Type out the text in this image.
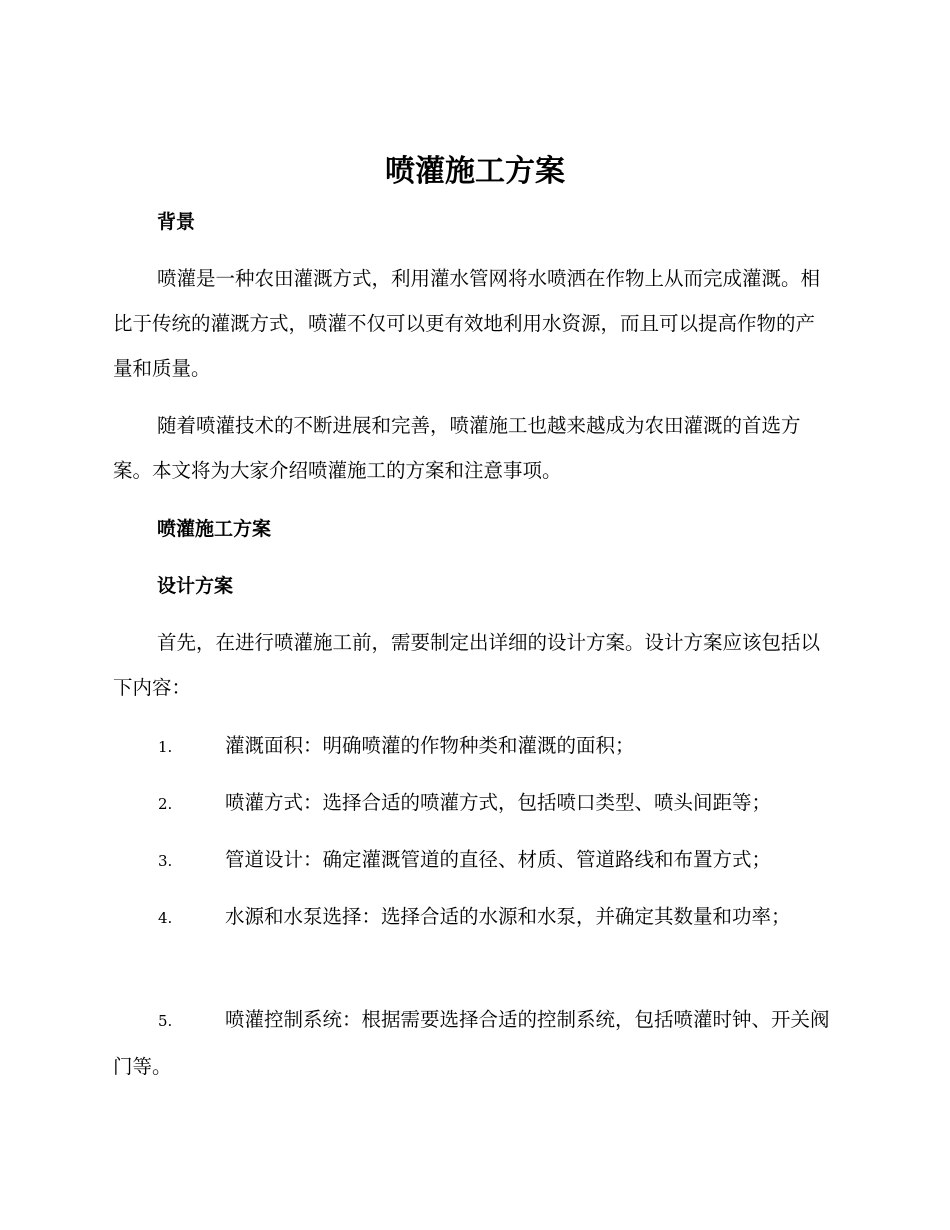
喷灌施工方案
背景

喷灌是一种农田灌溉方式，利用灌水管网将水喷洒在作物上从而完成灌溉。相比于传统的灌溉方式，喷灌不仅可以更有效地利用水资源，而且可以提高作物的产量和质量。

随着喷灌技术的不断进展和完善，喷灌施工也越来越成为农田灌溉的首选方案。本文将为大家介绍喷灌施工的方案和注意事项。

喷灌施工方案
设计方案

首先，在进行喷灌施工前，需要制定出详细的设计方案。设计方案应该包括以下内容：

1.	灌溉面积：明确喷灌的作物种类和灌溉的面积；

2.	喷灌方式：选择合适的喷灌方式，包括喷口类型、喷头间距等；

3.	管道设计：确定灌溉管道的直径、材质、管道路线和布置方式；

4.	水源和水泵选择：选择合适的水源和水泵，并确定其数量和功率；

5.	喷灌控制系统：根据需要选择合适的控制系统，包括喷灌时钟、开关阀门等。
